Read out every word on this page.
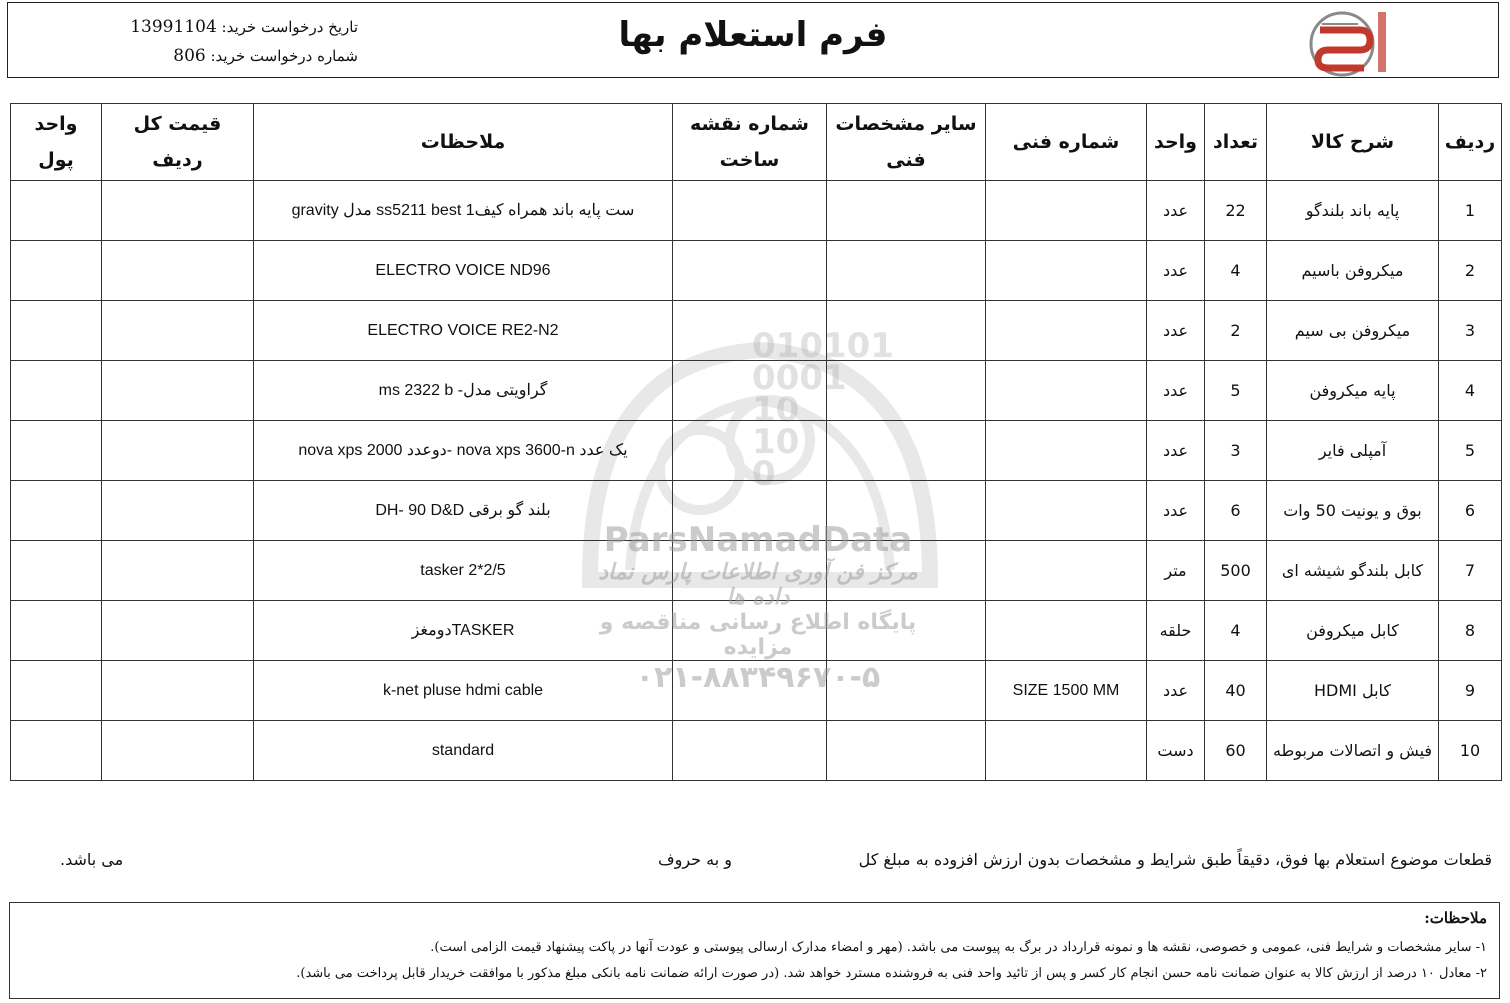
فرم استعلام بها
تاریخ درخواست خرید: 13991104
شماره درخواست خرید: 806
010101
0001
10
10
0
ردیف	شرح کالا	تعداد	واحد	شماره فنی	سایر مشخصات فنی	شماره نقشه ساخت	ملاحظات	قیمت کل ردیف	واحد پول
1	پایه باند بلندگو	22	عدد				ست پایه باند همراه کیف1 ss5211 best مدل gravity		
2	میکروفن باسیم	4	عدد				ELECTRO VOICE ND96		
3	میکروفن بی سیم	2	عدد				ELECTRO VOICE RE2-N2		
4	پایه میکروفن	5	عدد				گراویتی مدل- ms 2322 b		
5	آمپلی فایر	3	عدد				یک عدد nova xps 3600-n -دوعدد nova xps 2000		
6	بوق و یونیت 50 وات	6	عدد				بلند گو برقی DH- 90 D&D		
7	کابل بلندگو شیشه ای	500	متر				2/5*2 tasker		
8	کابل میکروفن	4	حلقه				TASKERدومغز		
9	کابل HDMI	40	عدد	SIZE 1500 MM			k-net pluse hdmi cable		
10	فیش و اتصالات مربوطه	60	دست				standard		
ParsNamadData
مرکز فن آوری اطلاعات پارس نماد داده ها
پایگاه اطلاع رسانی مناقصه و مزایده
۰۲۱-۸۸۳۴۹۶۷۰-۵
قطعات موضوع استعلام بها فوق، دقیقاً طبق شرایط و مشخصات بدون ارزش افزوده به مبلغ کل
و به حروف
می باشد.
ملاحظات:
۱- سایر مشخصات و شرایط فنی، عمومی و خصوصی، نقشه ها و نمونه قرارداد در برگ به پیوست می باشد. (مهر و امضاء مدارک ارسالی پیوستی و عودت آنها در پاکت پیشنهاد قیمت الزامی است).
۲- معادل ۱۰ درصد از ارزش کالا به عنوان ضمانت نامه حسن انجام کار کسر و پس از تائید واحد فنی به فروشنده مسترد خواهد شد. (در صورت ارائه ضمانت نامه بانکی مبلغ مذکور با موافقت خریدار قابل پرداخت می باشد).
